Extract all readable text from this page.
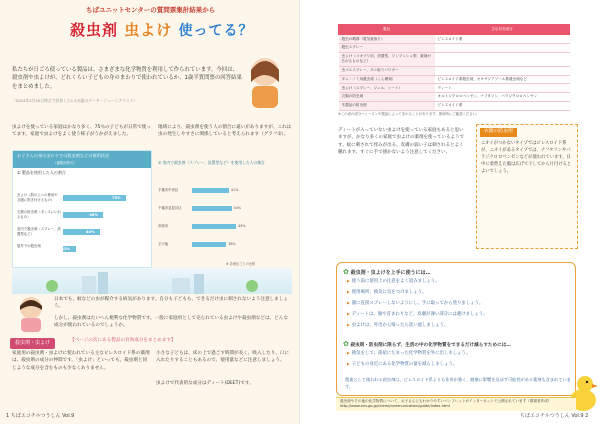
ちばユニットセンターの質問票集計結果から
殺虫剤 虫よけ 使ってる？
私たちが日ごろ使っている製品は、さまざまな化学物質を利用して作られています。今回は、殺虫剤や虫よけが、どれくらい子どもの身のまわりで使われているか、1歳半質問票の回答結果をまとめました。
（2014年2月20日時点で回答した1.5万組のデータ・ジューニアリスト）
虫よけを使っている家庭はかなり多く、75％の子どもが日常で使ってます。家庭で虫よけをよく使う様子がうかがえました。
地域により、殺虫剤を使う人の割合に違いがありますが、これは虫の発生しやすさに関係していると考えられます（グラフ②）。
お子さんの身のまわりでの殺虫剤などの使用状況
（複数回答可）
① 製品を使用した人の割合
虫よけ（肌の上への使用や衣服に吹き付けるもの）
75%
衣類の防虫剤（タンスにいれるもの）
48%
室内で殺虫剤（スプレー、設置型など）
44%
屋外での殺虫剤
15%
② 室内で殺虫剤（スプレー、設置型など）を使用した人の割合
千葉市中央区	41%
千葉市花見川区	44%
市原市	49%
その他	38%
※ 各地区ごとの比較
日本でも、蚊などの虫が媒介する病気があります。自分も子どもも、できるだけ虫に刺されないよう注意しましょう。
しかし、殺虫剤はたいへん便利な化学物質です。一般に家庭用として売られている虫よけや殺虫剤などは、どんな成分が使われているのでしょうか。
殺虫剤・虫よけ	【ページの次にある製品の有効成分をまとめます】
家庭用の殺虫剤・虫よけに使われている主なピレスロイド系の薬剤は、殺虫剤の成分の仲間です。「虫よけ」といっても、殺虫剤と同じような成分を含むものも少なくありません。
小さな子どもは、床の上で過ごす時間が長く、吸入したり、口に入れたりすることもあるので、使用量などに注意しましょう。
虫よけで代表的な成分はディート(DEET)です。
1 ちばエコチルつうしん Vol.9
製品	主な有効成分
殺虫の噴霧（電気蚊取り）	ピレスロイド系
殺虫スプレー	
虫よけ（ゴキブリ用、設置型、ワンプッシュ型、薬剤が広がるものなど）	
虫ゴエスプレー、ダニ取りパウダー	
ダニ・ノミ用殺虫剤（くん煙剤）	ピレスロイド系殺虫剤、オキサジアゾール系殺虫剤など
虫よけ（スプレー、ジェル、シート）	ディート
衣服の防虫剤	オルトジクロロベンゼン、ナフタリン、パラジクロロベンゼン
木製品の防虫剤	ピレスロイド系
※この表の成分ハシーズンや製品によって変わることがあります。使用時にご確認ください。
ディートが入っていない虫よけを使っている家庭もあると思いますが、かなり多くの家庭で虫よけの薬剤を使っているようです。蚊に刺されて痒みが出る、皮膚の弱い子は刺されるとよく腫れます。すぐに手で掻かないよう注意してください。
衣類の防虫剤

ニオイがつかないタイプではピレスロイド系が、ニオイがあるタイプでは、ナフタリンやパラジクロロベンゼンなどが使われています。日中に着替えた服は広げて干してから片付けるとよいでしょう。

✿ 殺虫剤・虫よけを上手に使うには…
▶ 使う前に使用上の注意をよく読みましょう。
▶ 使用場所、換気に気をつけましょう。
▶ 顔に直接スプレーしないようにし、手に取ってから塗りましょう。
▶ ディートは、顔や首まわりなど、皮膚が薄い部分には避けましょう。
▶ 虫よけは、外出から帰ったら洗い流しましょう。
✿ 殺虫剤・防虫剤に限らず、生活の中の化学物質をできるだけ減らすためには…
▶ 換気をして、部屋にたまった化学物質を外に出しましょう。
▶ 子どもの身近にある化学物質の量を減らしましょう。
農業として使われる殺虫剤は、ピレスロイド系よりも作用が強く、健康に影響を及ぼす可能性がある薬剤も含まれています。
殺虫剤やその他の化学物質について、お子さんにもわかりやすいパンフレットがインターネットで公開されています（環境省作成）http://www.env.go.jp/chemi/communication/guide/index.html
ちばエコチルつうしん Vol.9 2
